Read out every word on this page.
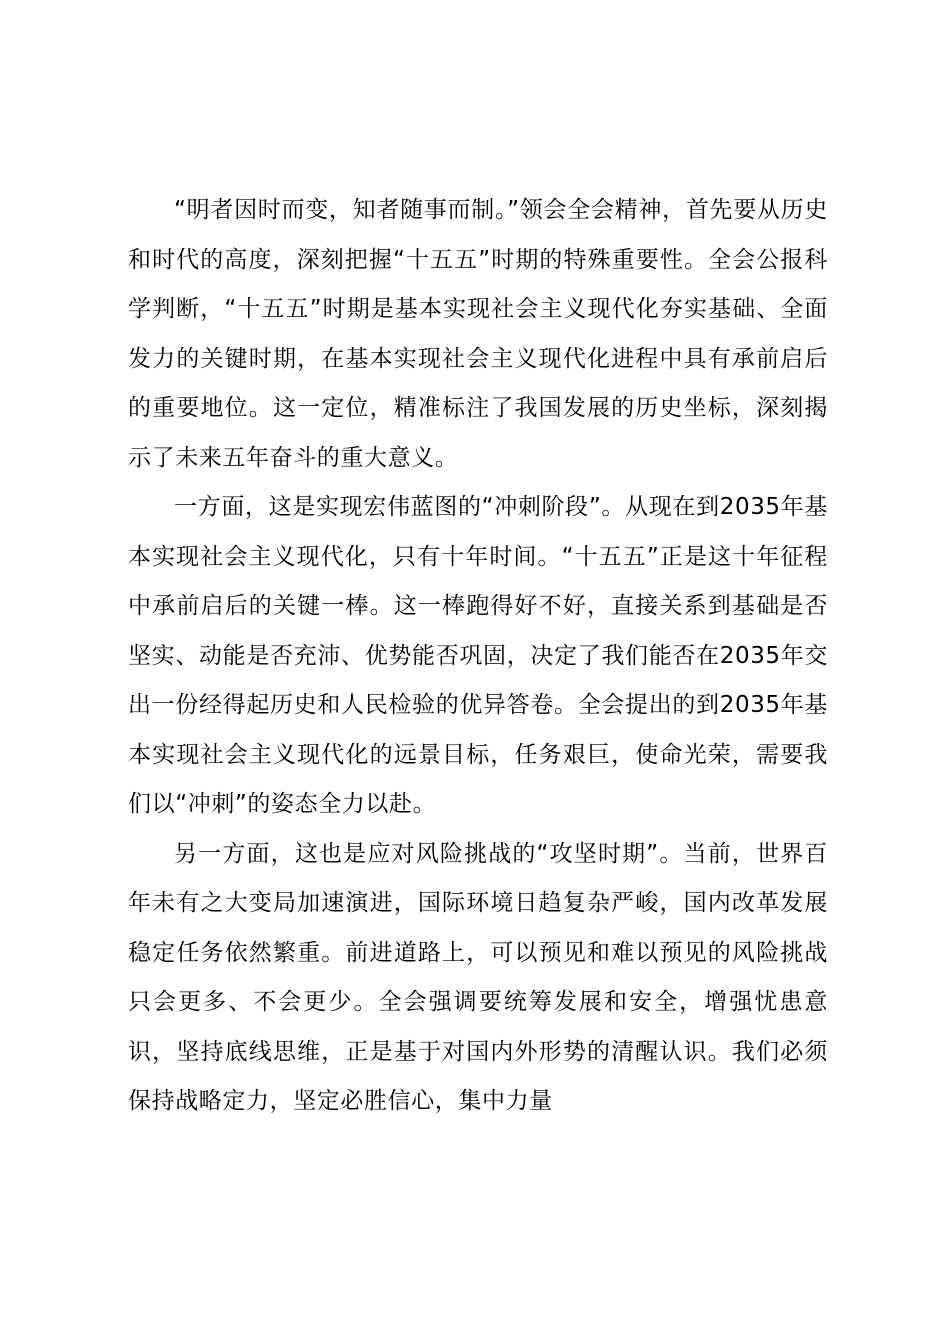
“明者因时而变，知者随事而制。”领会全会精神，首先要从历史和时代的高度，深刻把握“十五五”时期的特殊重要性。全会公报科学判断，“十五五”时期是基本实现社会主义现代化夯实基础、全面发力的关键时期，在基本实现社会主义现代化进程中具有承前启后的重要地位。这一定位，精准标注了我国发展的历史坐标，深刻揭示了未来五年奋斗的重大意义。

一方面，这是实现宏伟蓝图的“冲刺阶段”。从现在到2035年基本实现社会主义现代化，只有十年时间。“十五五”正是这十年征程中承前启后的关键一棒。这一棒跑得好不好，直接关系到基础是否坚实、动能是否充沛、优势能否巩固，决定了我们能否在2035年交出一份经得起历史和人民检验的优异答卷。全会提出的到2035年基本实现社会主义现代化的远景目标，任务艰巨，使命光荣，需要我们以“冲刺”的姿态全力以赴。

另一方面，这也是应对风险挑战的“攻坚时期”。当前，世界百年未有之大变局加速演进，国际环境日趋复杂严峻，国内改革发展稳定任务依然繁重。前进道路上，可以预见和难以预见的风险挑战只会更多、不会更少。全会强调要统筹发展和安全，增强忧患意识，坚持底线思维，正是基于对国内外形势的清醒认识。我们必须保持战略定力，坚定必胜信心，集中力量
